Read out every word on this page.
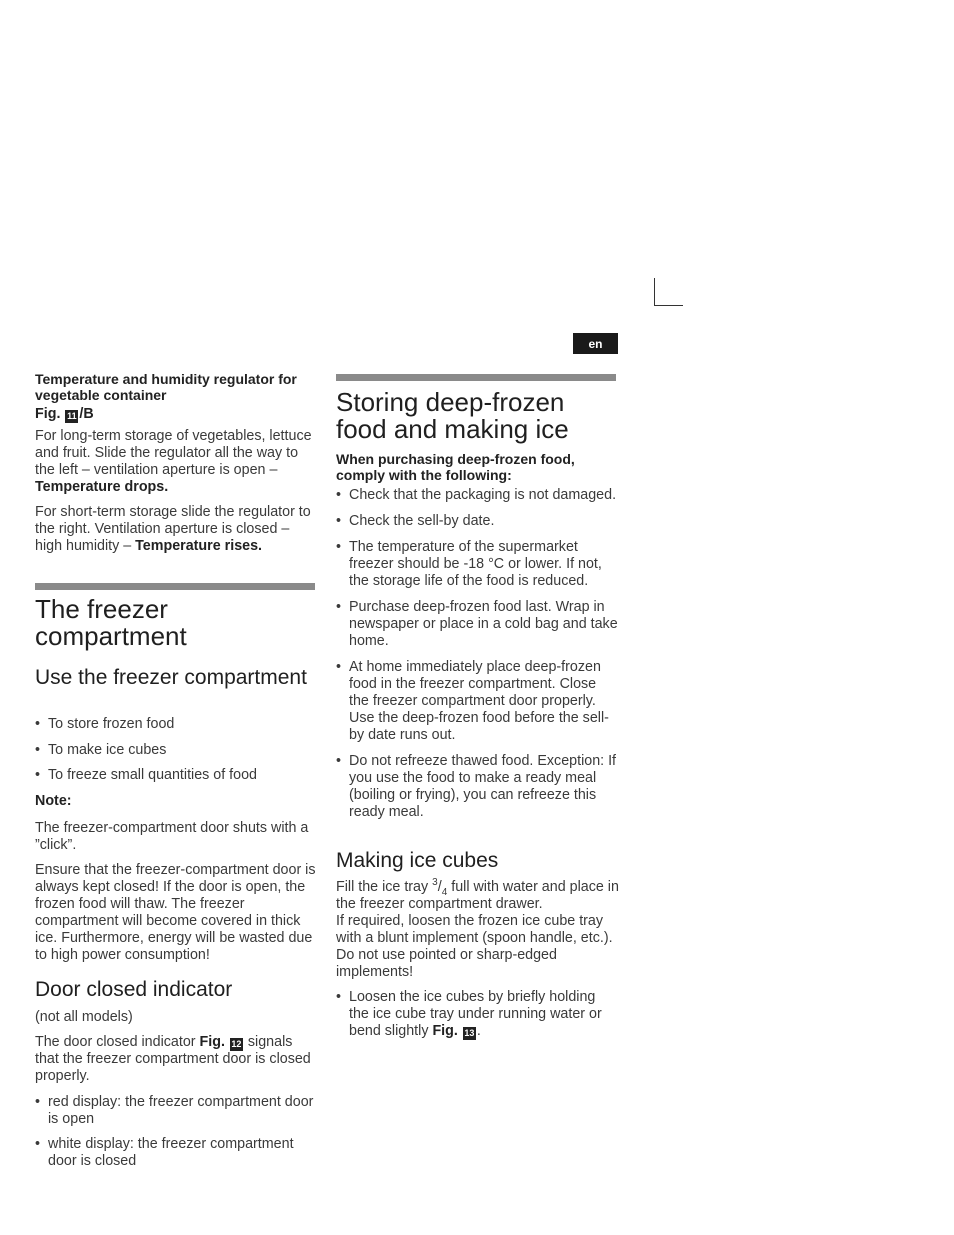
en

Temperature and humidity regulator for vegetable container

Fig. 11 /B

For long-term storage of vegetables, lettuce and fruit. Slide the regulator all the way to the left – ventilation aperture is open – Temperature drops.

For short-term storage slide the regulator to the right. Ventilation aperture is closed – high humidity – Temperature rises.

The freezer compartment
Use the freezer compartment
• To store frozen food
• To make ice cubes
• To freeze small quantities of food

Note:

The freezer-compartment door shuts with a ”click”.

Ensure that the freezer-compartment door is always kept closed! If the door is open, the frozen food will thaw. The freezer compartment will become covered in thick ice. Furthermore, energy will be wasted due to high power consumption!

Door closed indicator

(not all models)

The door closed indicator Fig. 12 signals that the freezer compartment door is closed properly.

• red display: the freezer compartment door is open
• white display: the freezer compartment door is closed
Storing deep-frozen food and making ice

When purchasing deep-frozen food, comply with the following:

• Check that the packaging is not damaged.
• Check the sell-by date.
• The temperature of the supermarket freezer should be -18 °C or lower. If not, the storage life of the food is reduced.
• Purchase deep-frozen food last. Wrap in newspaper or place in a cold bag and take home.
• At home immediately place deep-frozen food in the freezer compartment. Close the freezer compartment door properly. Use the deep-frozen food before the sell-by date runs out.
• Do not refreeze thawed food. Exception: If you use the food to make a ready meal (boiling or frying), you can refreeze this ready meal.
Making ice cubes

Fill the ice tray $^3/_4$ full with water and place in the freezer compartment drawer.
If required, loosen the frozen ice cube tray with a blunt implement (spoon handle, etc.). Do not use pointed or sharp-edged implements!

• Loosen the ice cubes by briefly holding the ice cube tray under running water or bend slightly Fig. 13 .
